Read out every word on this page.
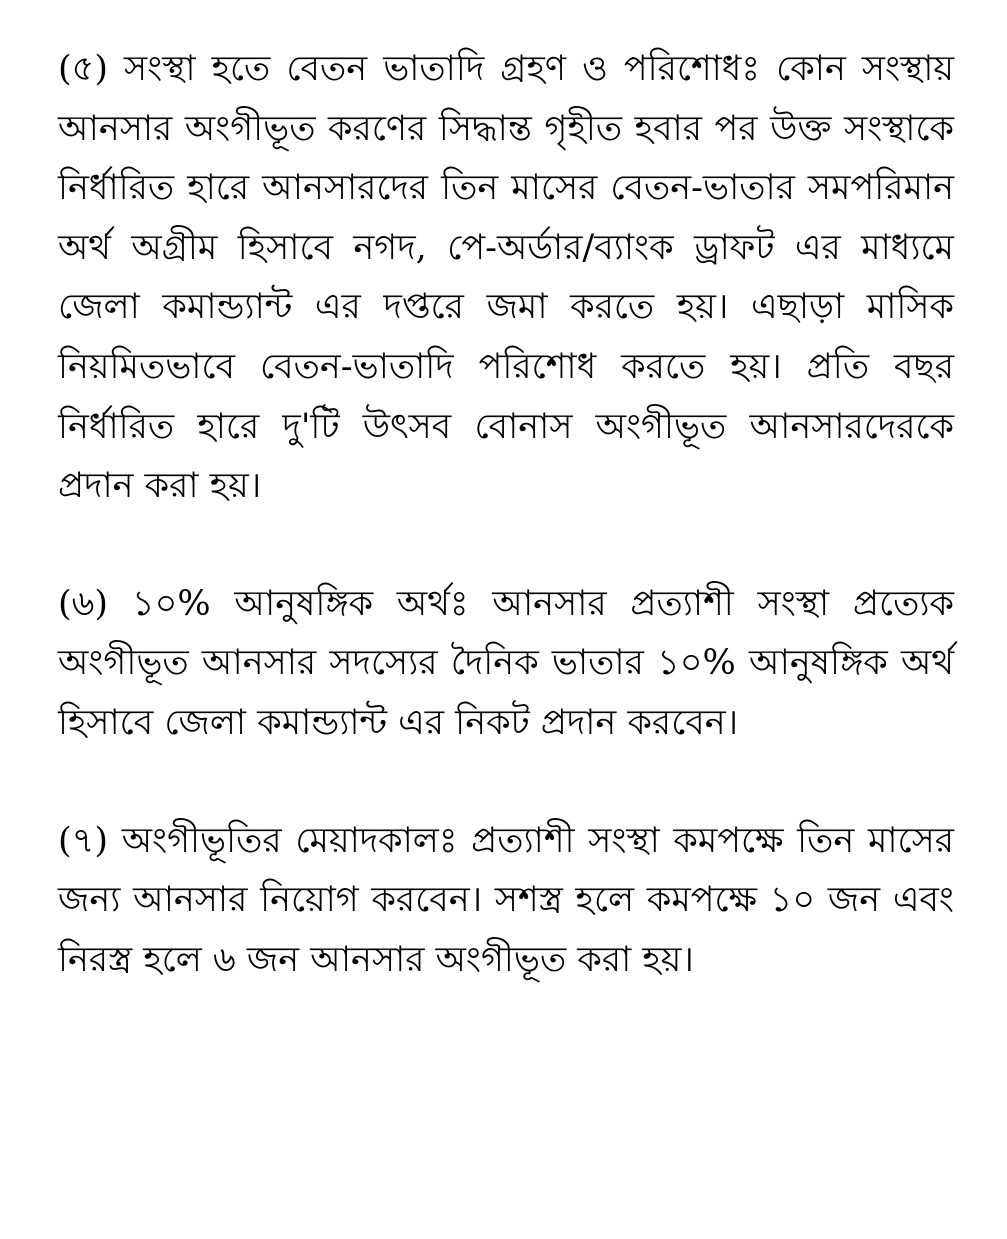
(৫) সংস্থা হতে বেতন ভাতাদি গ্রহণ ও পরিশোধঃ কোন সংস্থায় আনসার অংগীভূত করণের সিদ্ধান্ত গৃহীত হবার পর উক্ত সংস্থাকে নির্ধারিত হারে আনসারদের তিন মাসের বেতন-ভাতার সমপরিমান অর্থ অগ্রীম হিসাবে নগদ, পে-অর্ডার/ব্যাংক ড্রাফট এর মাধ্যমে জেলা কমান্ড্যান্ট এর দপ্তরে জমা করতে হয়। এছাড়া মাসিক নিয়মিতভাবে বেতন-ভাতাদি পরিশোধ করতে হয়। প্রতি বছর নির্ধারিত হারে দু'টি উৎসব বোনাস অংগীভূত আনসারদেরকে প্রদান করা হয়।

(৬) ১০% আনুষঙ্গিক অর্থঃ আনসার প্রত্যাশী সংস্থা প্রত্যেক অংগীভূত আনসার সদস্যের দৈনিক ভাতার ১০% আনুষঙ্গিক অর্থ হিসাবে জেলা কমান্ড্যান্ট এর নিকট প্রদান করবেন।

(৭) অংগীভূতির মেয়াদকালঃ প্রত্যাশী সংস্থা কমপক্ষে তিন মাসের জন্য আনসার নিয়োগ করবেন। সশস্ত্র হলে কমপক্ষে ১০ জন এবং নিরস্ত্র হলে ৬ জন আনসার অংগীভূত করা হয়।
